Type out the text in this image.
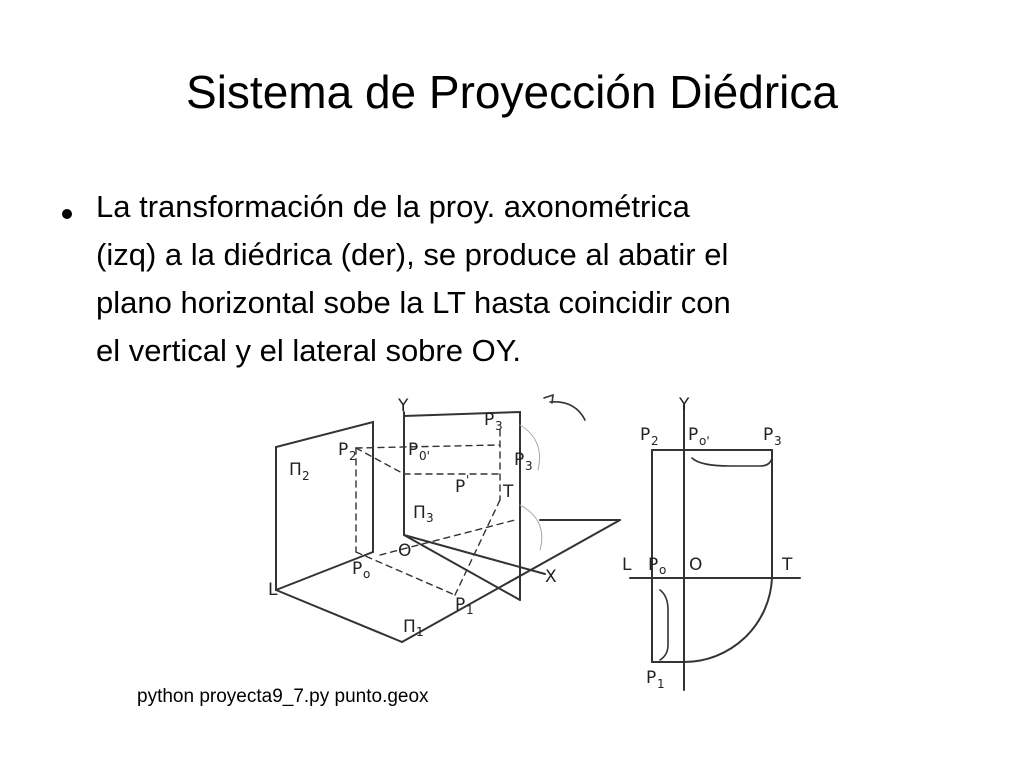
Sistema de Proyección Diédrica

La transformación de la proy. axonométrica
(izq) a la diédrica (der), se produce al abatir el
plano horizontal sobe la LT hasta coincidir con
el vertical y el lateral sobre OY.

Y
P 3
Π 2
P 2	P 0'	P 3
P '
T
Π 3
O
P o	X
L
P 1
Π 1
Y
P 2 P o'	P 3
L P o O	T
P 1
python proyecta9_7.py punto.geox
